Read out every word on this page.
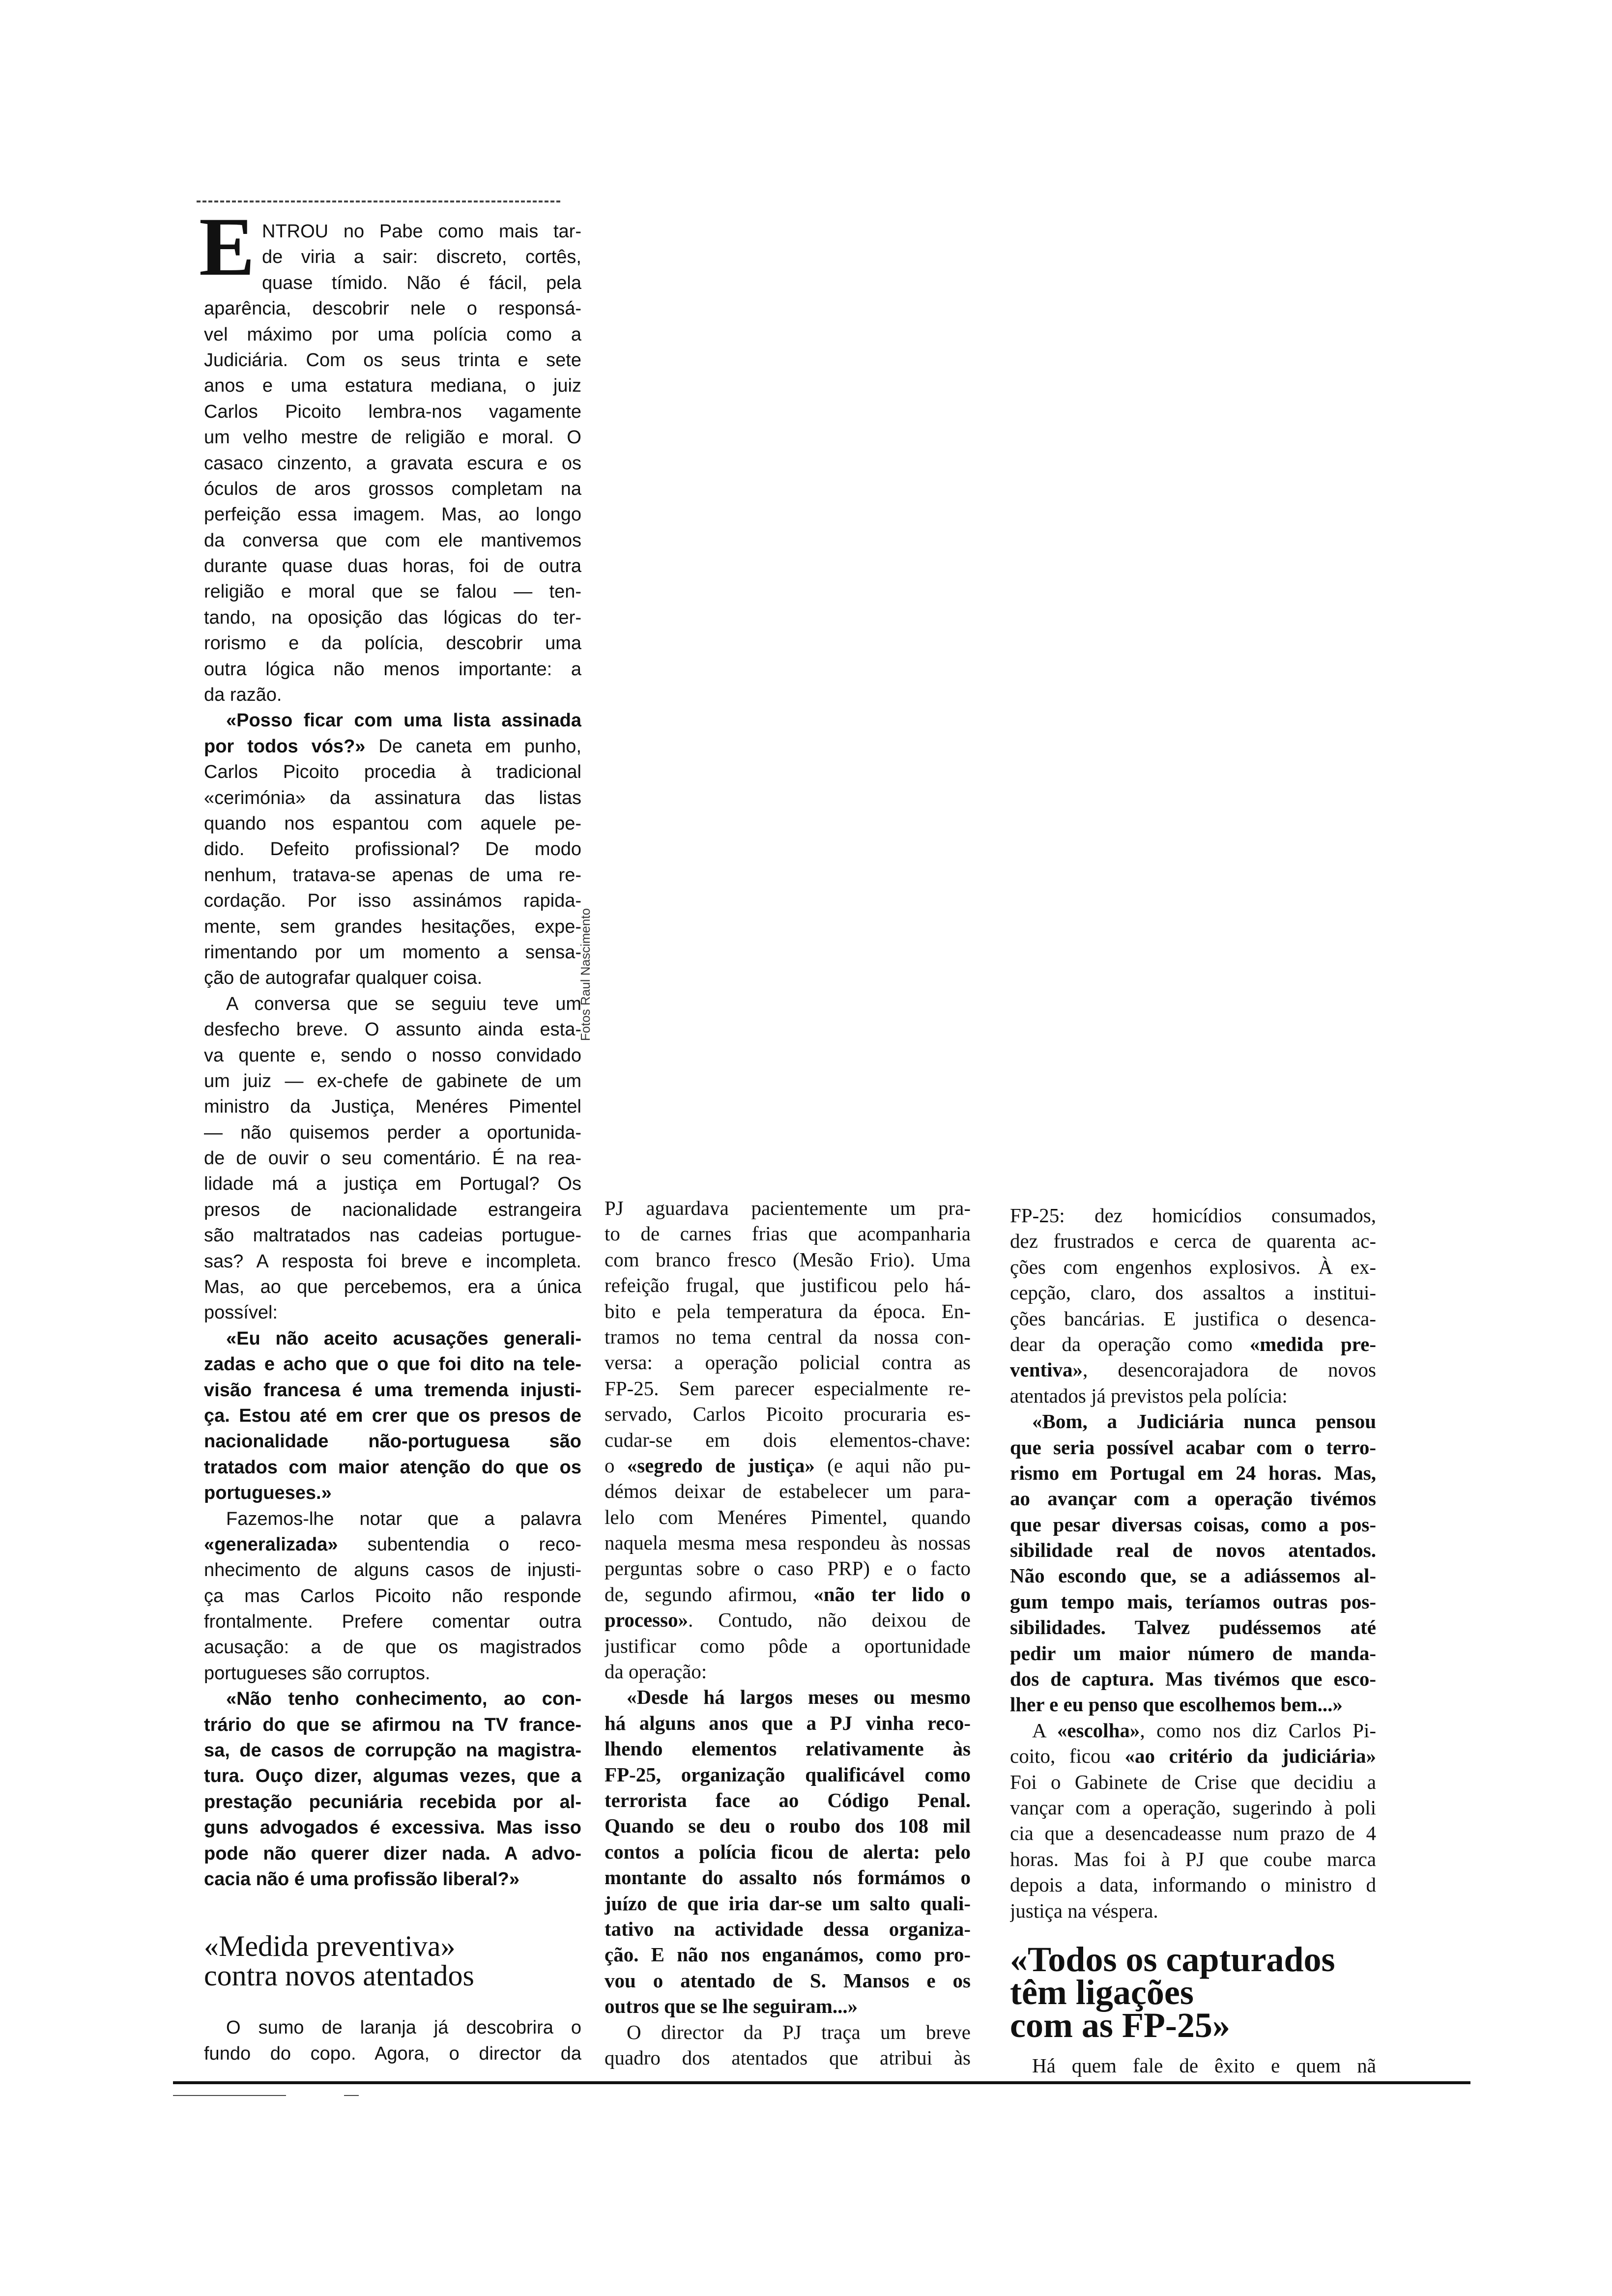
E
Fotos Raul Nascimento
NTROU no Pabe como mais tar-
de viria a sair: discreto, cortês,
quase tímido. Não é fácil, pela
aparência, descobrir nele o responsá-
vel máximo por uma polícia como a
Judiciária. Com os seus trinta e sete
anos e uma estatura mediana, o juiz
Carlos Picoito lembra-nos vagamente
um velho mestre de religião e moral. O
casaco cinzento, a gravata escura e os
óculos de aros grossos completam na
perfeição essa imagem. Mas, ao longo
da conversa que com ele mantivemos
durante quase duas horas, foi de outra
religião e moral que se falou — ten-
tando, na oposição das lógicas do ter-
rorismo e da polícia, descobrir uma
outra lógica não menos importante: a
da razão.
«Posso ficar com uma lista assinada
por todos vós?» De caneta em punho,
Carlos Picoito procedia à tradicional
«cerimónia» da assinatura das listas
quando nos espantou com aquele pe-
dido. Defeito profissional? De modo
nenhum, tratava-se apenas de uma re-
cordação. Por isso assinámos rapida-
mente, sem grandes hesitações, expe-
rimentando por um momento a sensa-
ção de autografar qualquer coisa.
A conversa que se seguiu teve um
desfecho breve. O assunto ainda esta-
va quente e, sendo o nosso convidado
um juiz — ex-chefe de gabinete de um
ministro da Justiça, Menéres Pimentel
— não quisemos perder a oportunida-
de de ouvir o seu comentário. É na rea-
lidade má a justiça em Portugal? Os
presos de nacionalidade estrangeira
são maltratados nas cadeias portugue-
sas? A resposta foi breve e incompleta.
Mas, ao que percebemos, era a única
possível:
«Eu não aceito acusações generali-
zadas e acho que o que foi dito na tele-
visão francesa é uma tremenda injusti-
ça. Estou até em crer que os presos de
nacionalidade não-portuguesa são
tratados com maior atenção do que os
portugueses.»
Fazemos-lhe notar que a palavra
«generalizada» subentendia o reco-
nhecimento de alguns casos de injusti-
ça mas Carlos Picoito não responde
frontalmente. Prefere comentar outra
acusação: a de que os magistrados
portugueses são corruptos.
«Não tenho conhecimento, ao con-
trário do que se afirmou na TV france-
sa, de casos de corrupção na magistra-
tura. Ouço dizer, algumas vezes, que a
prestação pecuniária recebida por al-
guns advogados é excessiva. Mas isso
pode não querer dizer nada. A advo-
cacia não é uma profissão liberal?»
«Medida preventiva»
contra novos atentados
O sumo de laranja já descobrira o
fundo do copo. Agora, o director da
PJ aguardava pacientemente um pra-
to de carnes frias que acompanharia
com branco fresco (Mesão Frio). Uma
refeição frugal, que justificou pelo há-
bito e pela temperatura da época. En-
tramos no tema central da nossa con-
versa: a operação policial contra as
FP-25. Sem parecer especialmente re-
servado, Carlos Picoito procuraria es-
cudar-se em dois elementos-chave:
o «segredo de justiça» (e aqui não pu-
démos deixar de estabelecer um para-
lelo com Menéres Pimentel, quando
naquela mesma mesa respondeu às nossas
perguntas sobre o caso PRP) e o facto
de, segundo afirmou, «não ter lido o
processo». Contudo, não deixou de
justificar como pôde a oportunidade
da operação:
«Desde há largos meses ou mesmo
há alguns anos que a PJ vinha reco-
lhendo elementos relativamente às
FP-25, organização qualificável como
terrorista face ao Código Penal.
Quando se deu o roubo dos 108 mil
contos a polícia ficou de alerta: pelo
montante do assalto nós formámos o
juízo de que iria dar-se um salto quali-
tativo na actividade dessa organiza-
ção. E não nos enganámos, como pro-
vou o atentado de S. Mansos e os
outros que se lhe seguiram...»
O director da PJ traça um breve
quadro dos atentados que atribui às
FP-25: dez homicídios consumados,
dez frustrados e cerca de quarenta ac-
ções com engenhos explosivos. À ex-
cepção, claro, dos assaltos a institui-
ções bancárias. E justifica o desenca-
dear da operação como «medida pre-
ventiva», desencorajadora de novos
atentados já previstos pela polícia:
«Bom, a Judiciária nunca pensou
que seria possível acabar com o terro-
rismo em Portugal em 24 horas. Mas,
ao avançar com a operação tivémos
que pesar diversas coisas, como a pos-
sibilidade real de novos atentados.
Não escondo que, se a adiássemos al-
gum tempo mais, teríamos outras pos-
sibilidades. Talvez pudéssemos até
pedir um maior número de manda-
dos de captura. Mas tivémos que esco-
lher e eu penso que escolhemos bem...»
A «escolha», como nos diz Carlos Pi-
coito, ficou «ao critério da judiciária»
Foi o Gabinete de Crise que decidiu a
vançar com a operação, sugerindo à poli
cia que a desencadeasse num prazo de 4
horas. Mas foi à PJ que coube marca
depois a data, informando o ministro d
justiça na véspera.
«Todos os capturados
têm ligações
com as FP-25»
Há quem fale de êxito e quem nã
